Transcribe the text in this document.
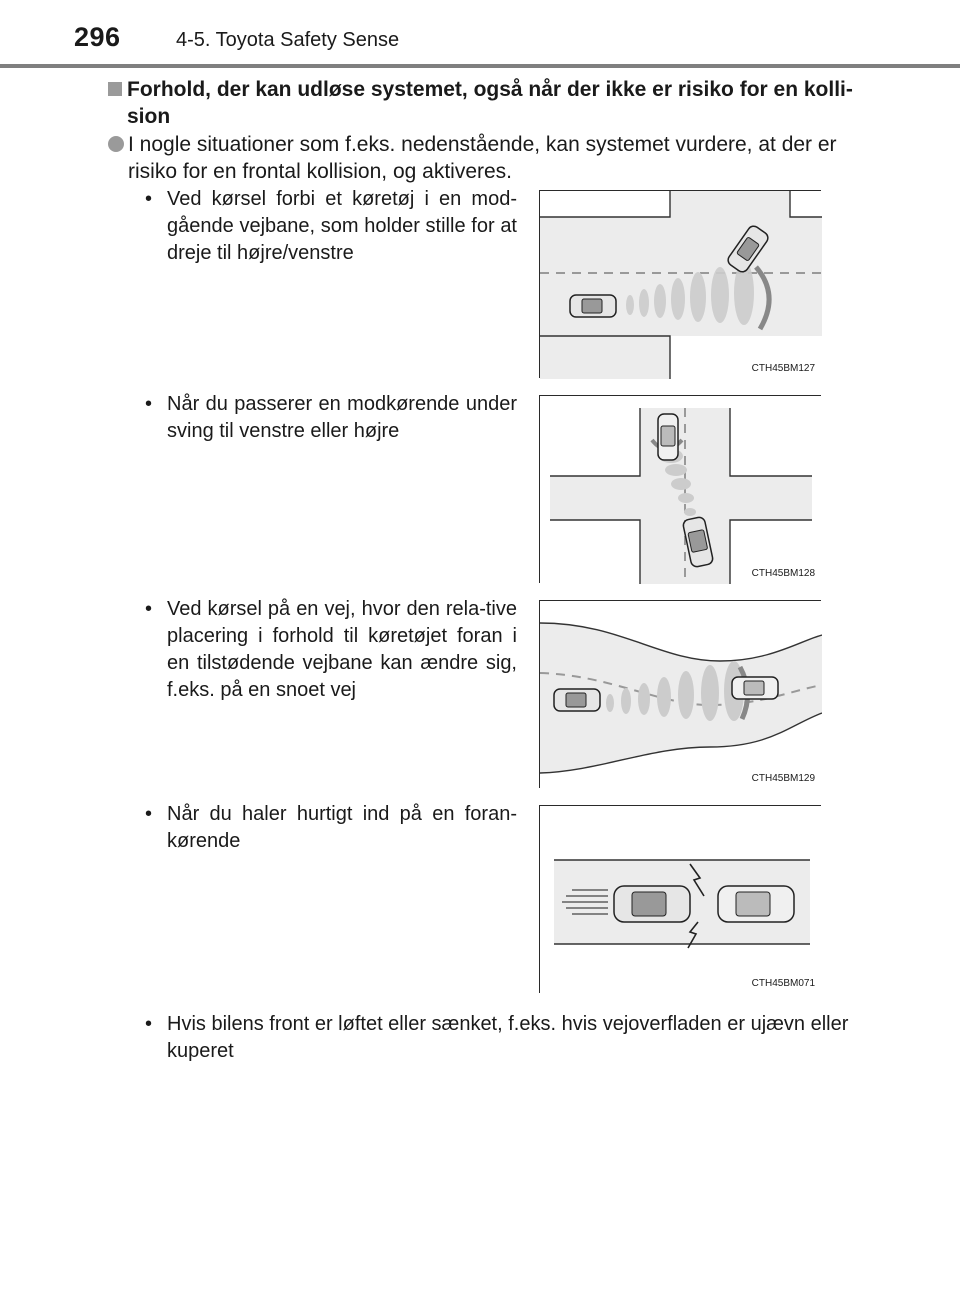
296	4-5. Toyota Safety Sense
Forhold, der kan udløse systemet, også når der ikke er risiko for en kolli-sion
I nogle situationer som f.eks. nedenstående, kan systemet vurdere, at der er risiko for en frontal kollision, og aktiveres.
• Ved kørsel forbi et køretøj i en mod-gående vejbane, som holder stille for at dreje til højre/venstre
CTH45BM127
• Når du passerer en modkørende under sving til venstre eller højre
CTH45BM128
• Ved kørsel på en vej, hvor den rela-tive placering i forhold til køretøjet foran i en tilstødende vejbane kan ændre sig, f.eks. på en snoet vej
CTH45BM129
• Når du haler hurtigt ind på en foran-kørende
CTH45BM071
• Hvis bilens front er løftet eller sænket, f.eks. hvis vejoverfladen er ujævn eller kuperet
